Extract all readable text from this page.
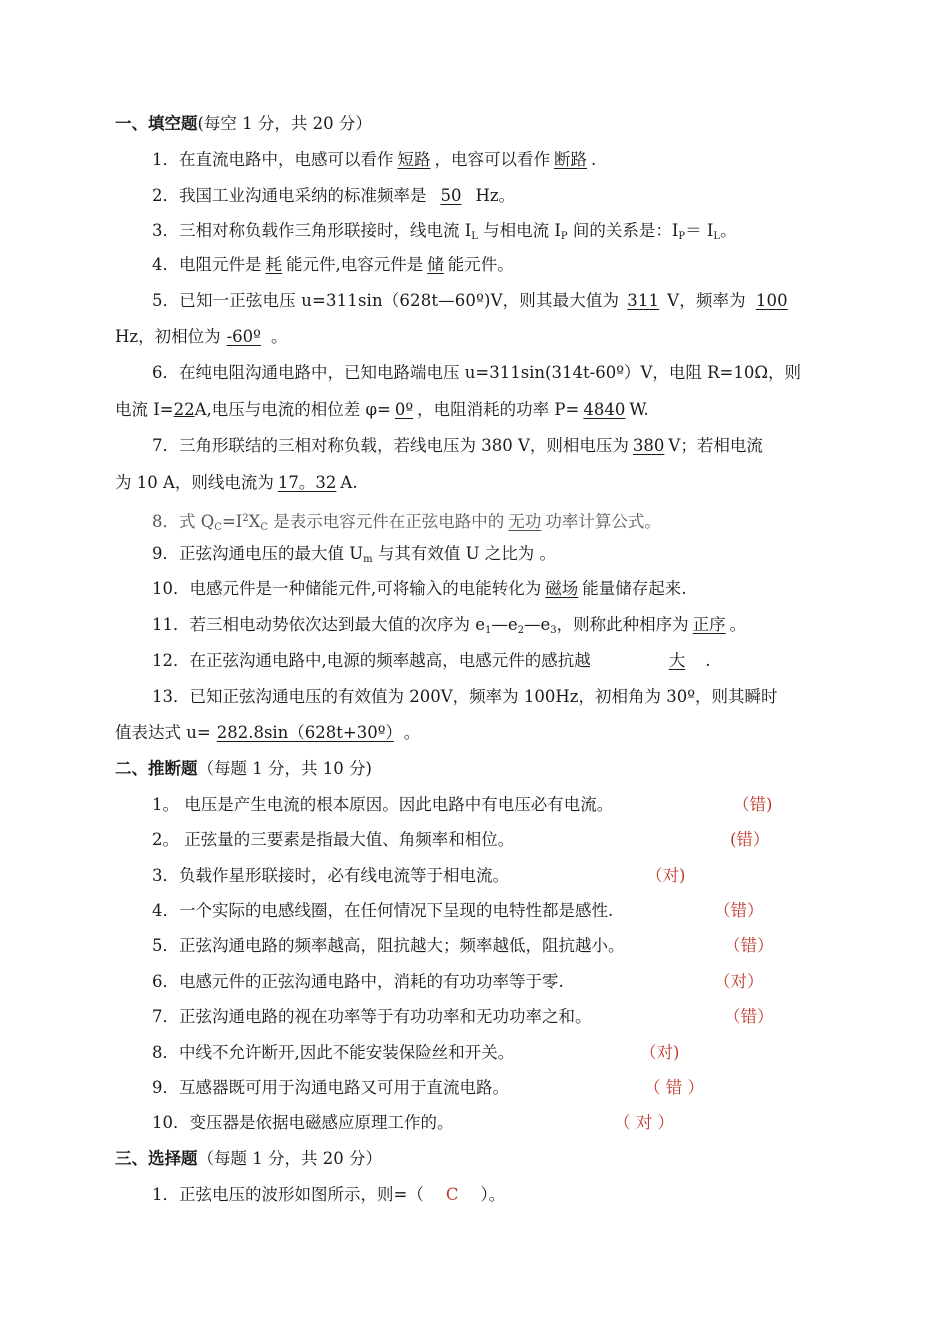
一、填空题(每空 1 分，共 20 分）
1．在直流电路中，电感可以看作 短路 ，电容可以看作 断路 .
2．我国工业沟通电采纳的标准频率是 50 Hz。
3．三相对称负载作三角形联接时，线电流 $I_L$ 与相电流 $I_P$ 间的关系是：$I_P= I_L$。
4．电阻元件是 耗 能元件,电容元件是 储 能元件。
5．已知一正弦电压 u=311sin（628t—60º)V，则其最大值为 311 V，频率为 100
Hz，初相位为 -60º 。
6．在纯电阻沟通电路中，已知电路端电压 u=311sin(314t-60º）V，电阻 R=10Ω，则
电流 I=22A,电压与电流的相位差 φ= 0º ，电阻消耗的功率 P= 4840 W.
7．三角形联结的三相对称负载，若线电压为 380 V，则相电压为 380 V；若相电流
为 10 A，则线电流为 17。32 A.
8．式 $Q_C=I^2X_C$ 是表示电容元件在正弦电路中的 无功 功率计算公式。
9．正弦沟通电压的最大值 $U_m$ 与其有效值 U 之比为 。
10．电感元件是一种储能元件,可将输入的电能转化为 磁场 能量储存起来.
11．若三相电动势依次达到最大值的次序为 $e_1—e_2—e_3$，则称此种相序为 正序 。
12．在正弦沟通电路中,电源的频率越高，电感元件的感抗越	大 .
13．已知正弦沟通电压的有效值为 200V，频率为 100Hz，初相角为 30º，则其瞬时
值表达式 u= 282.8sin（628t+30º） 。
二、推断题（每题 1 分，共 10 分)
1。 电压是产生电流的根本原因。因此电路中有电压必有电流。	（错)
2。 正弦量的三要素是指最大值、角频率和相位。	(错）
3．负载作星形联接时，必有线电流等于相电流。	（对)
4．一个实际的电感线圈，在任何情况下呈现的电特性都是感性.	（错）
5．正弦沟通电路的频率越高，阻抗越大；频率越低，阻抗越小。	（错）
6．电感元件的正弦沟通电路中，消耗的有功功率等于零.	（对）
7．正弦沟通电路的视在功率等于有功功率和无功功率之和。	（错）
8．中线不允许断开,因此不能安装保险丝和开关。	（对)
9．互感器既可用于沟通电路又可用于直流电路。	（ 错 ）
10．变压器是依据电磁感应原理工作的。	（ 对 ）
三、选择题（每题 1 分，共 20 分）
1．正弦电压的波形如图所示，则=（ C ）。
